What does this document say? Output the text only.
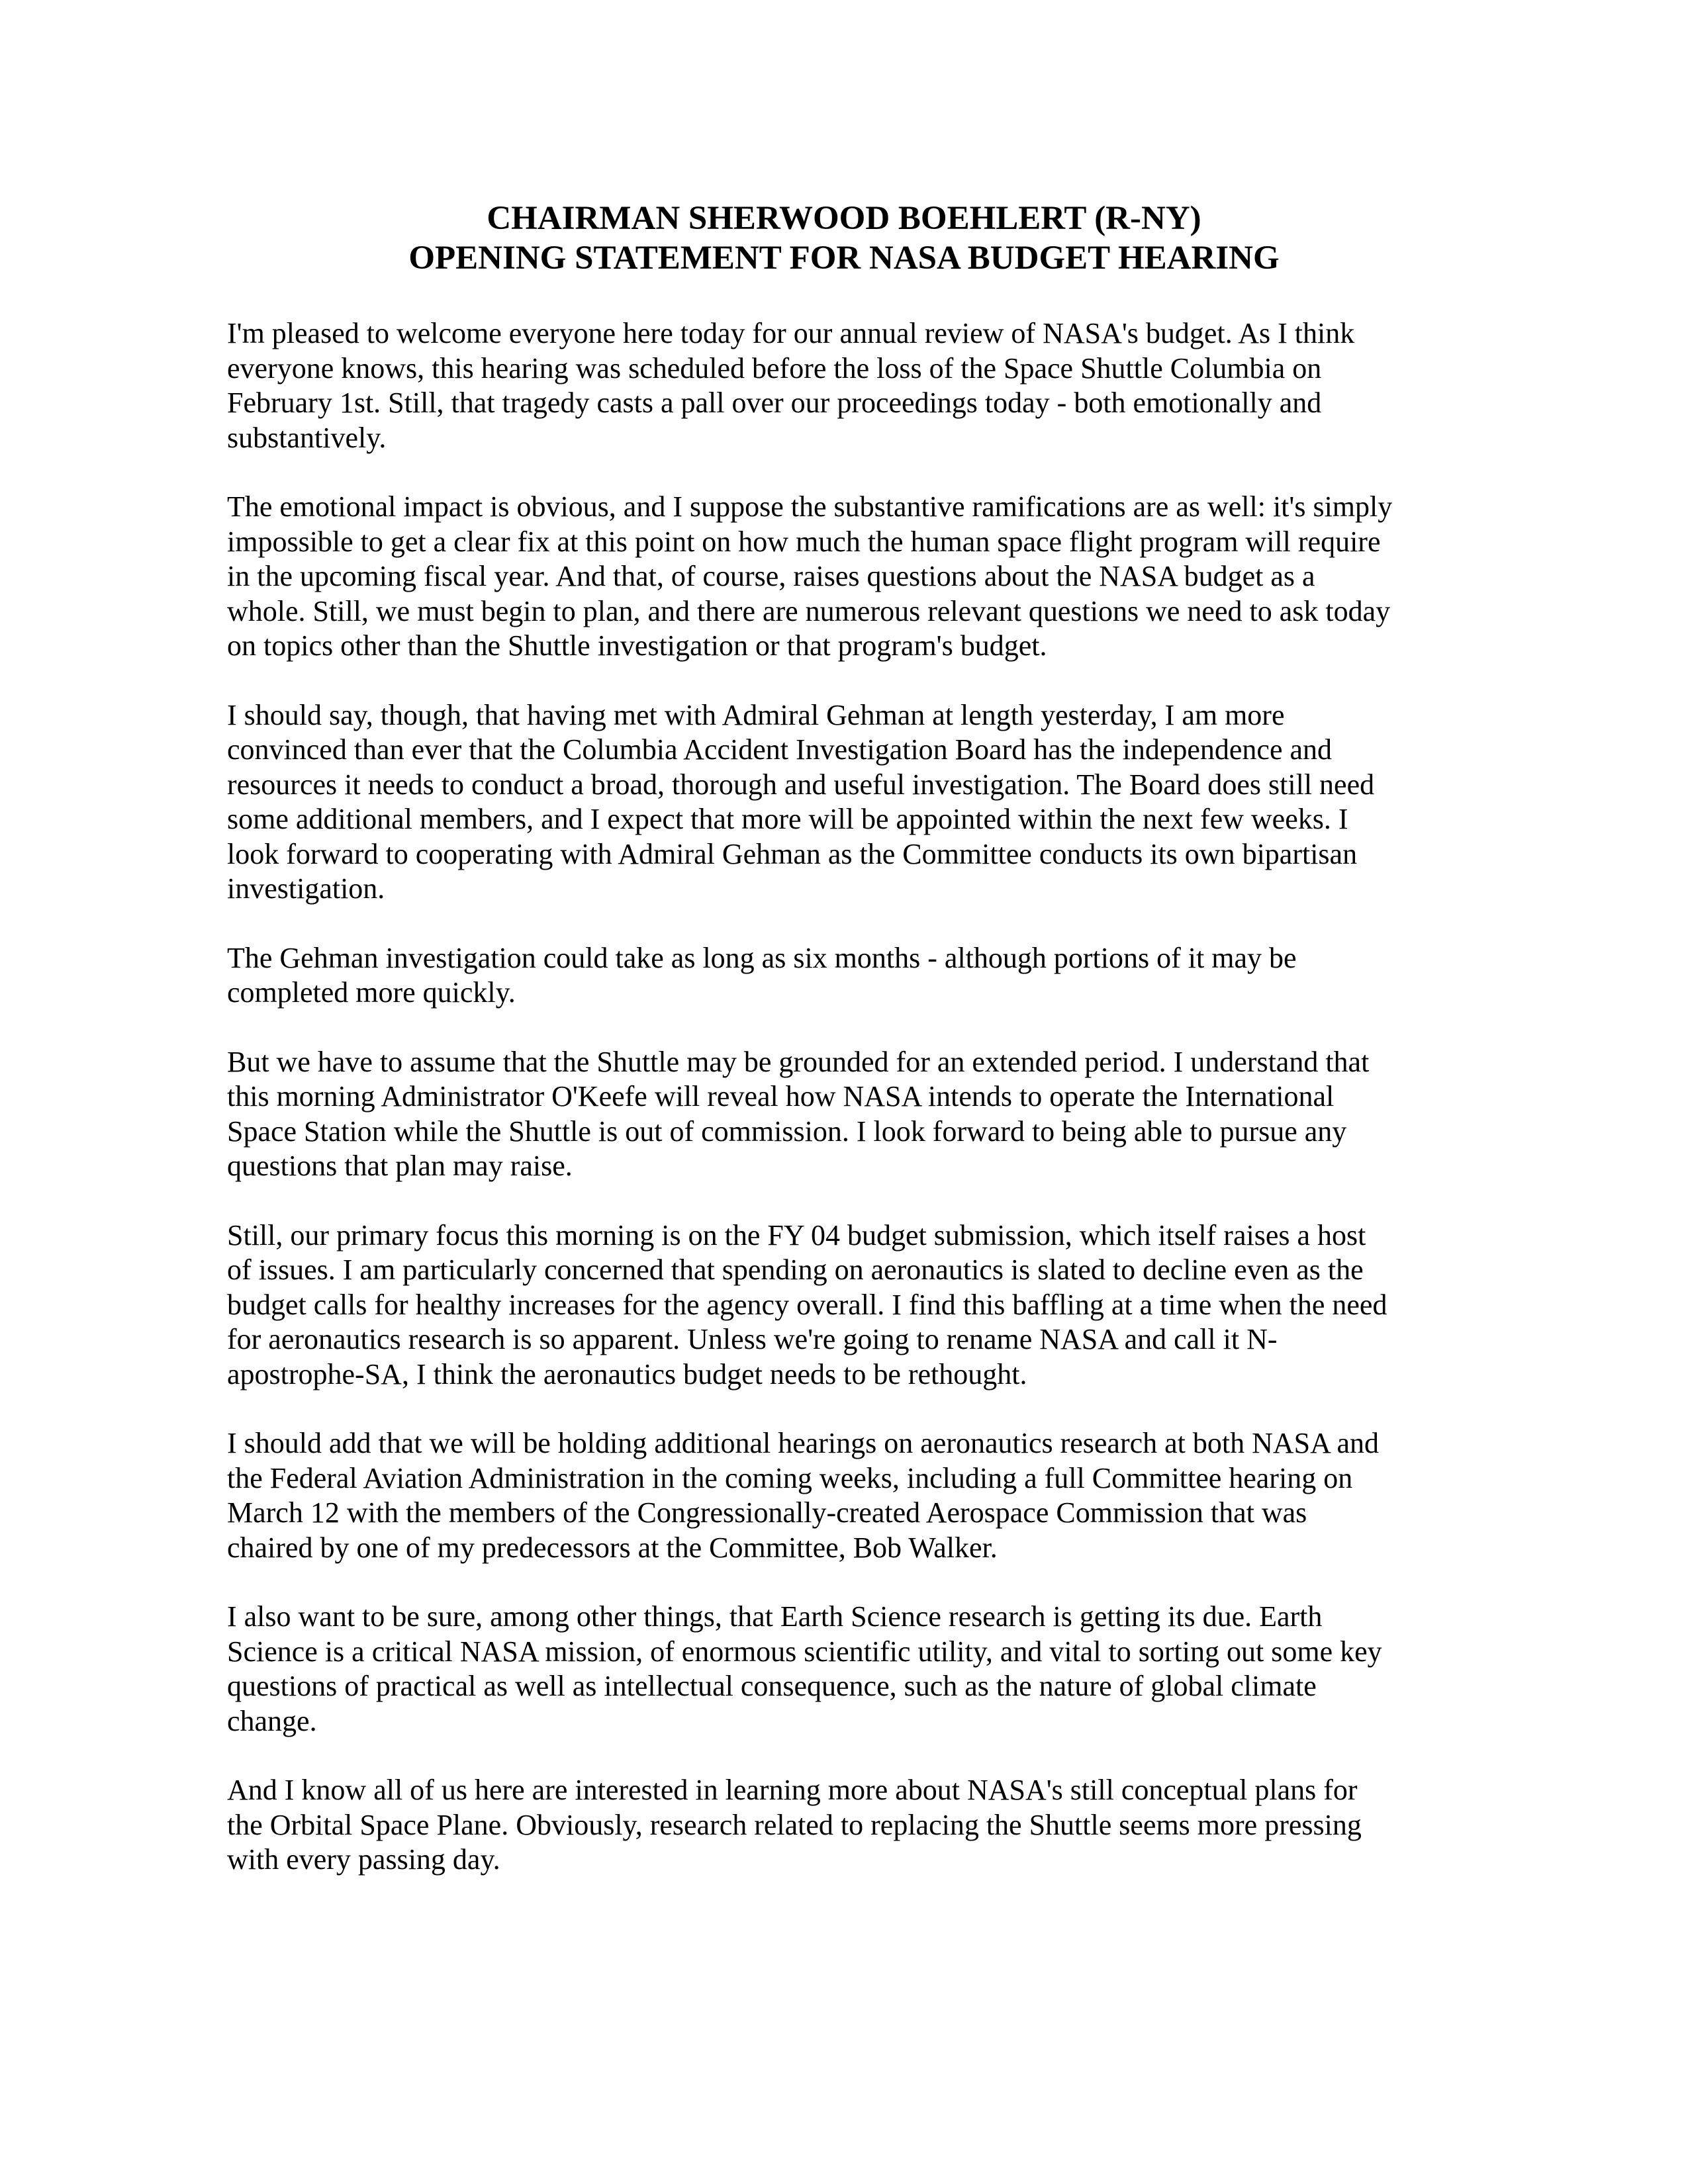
CHAIRMAN SHERWOOD BOEHLERT (R-NY)
OPENING STATEMENT FOR NASA BUDGET HEARING
I'm pleased to welcome everyone here today for our annual review of NASA's budget. As I think
everyone knows, this hearing was scheduled before the loss of the Space Shuttle Columbia on
February 1st. Still, that tragedy casts a pall over our proceedings today - both emotionally and
substantively.
The emotional impact is obvious, and I suppose the substantive ramifications are as well: it's simply
impossible to get a clear fix at this point on how much the human space flight program will require
in the upcoming fiscal year. And that, of course, raises questions about the NASA budget as a
whole. Still, we must begin to plan, and there are numerous relevant questions we need to ask today
on topics other than the Shuttle investigation or that program's budget.
I should say, though, that having met with Admiral Gehman at length yesterday, I am more
convinced than ever that the Columbia Accident Investigation Board has the independence and
resources it needs to conduct a broad, thorough and useful investigation. The Board does still need
some additional members, and I expect that more will be appointed within the next few weeks. I
look forward to cooperating with Admiral Gehman as the Committee conducts its own bipartisan
investigation.
The Gehman investigation could take as long as six months - although portions of it may be
completed more quickly.
But we have to assume that the Shuttle may be grounded for an extended period. I understand that
this morning Administrator O'Keefe will reveal how NASA intends to operate the International
Space Station while the Shuttle is out of commission. I look forward to being able to pursue any
questions that plan may raise.
Still, our primary focus this morning is on the FY 04 budget submission, which itself raises a host
of issues. I am particularly concerned that spending on aeronautics is slated to decline even as the
budget calls for healthy increases for the agency overall. I find this baffling at a time when the need
for aeronautics research is so apparent. Unless we're going to rename NASA and call it N-
apostrophe-SA, I think the aeronautics budget needs to be rethought.
I should add that we will be holding additional hearings on aeronautics research at both NASA and
the Federal Aviation Administration in the coming weeks, including a full Committee hearing on
March 12 with the members of the Congressionally-created Aerospace Commission that was
chaired by one of my predecessors at the Committee, Bob Walker.
I also want to be sure, among other things, that Earth Science research is getting its due. Earth
Science is a critical NASA mission, of enormous scientific utility, and vital to sorting out some key
questions of practical as well as intellectual consequence, such as the nature of global climate
change.
And I know all of us here are interested in learning more about NASA's still conceptual plans for
the Orbital Space Plane. Obviously, research related to replacing the Shuttle seems more pressing
with every passing day.
